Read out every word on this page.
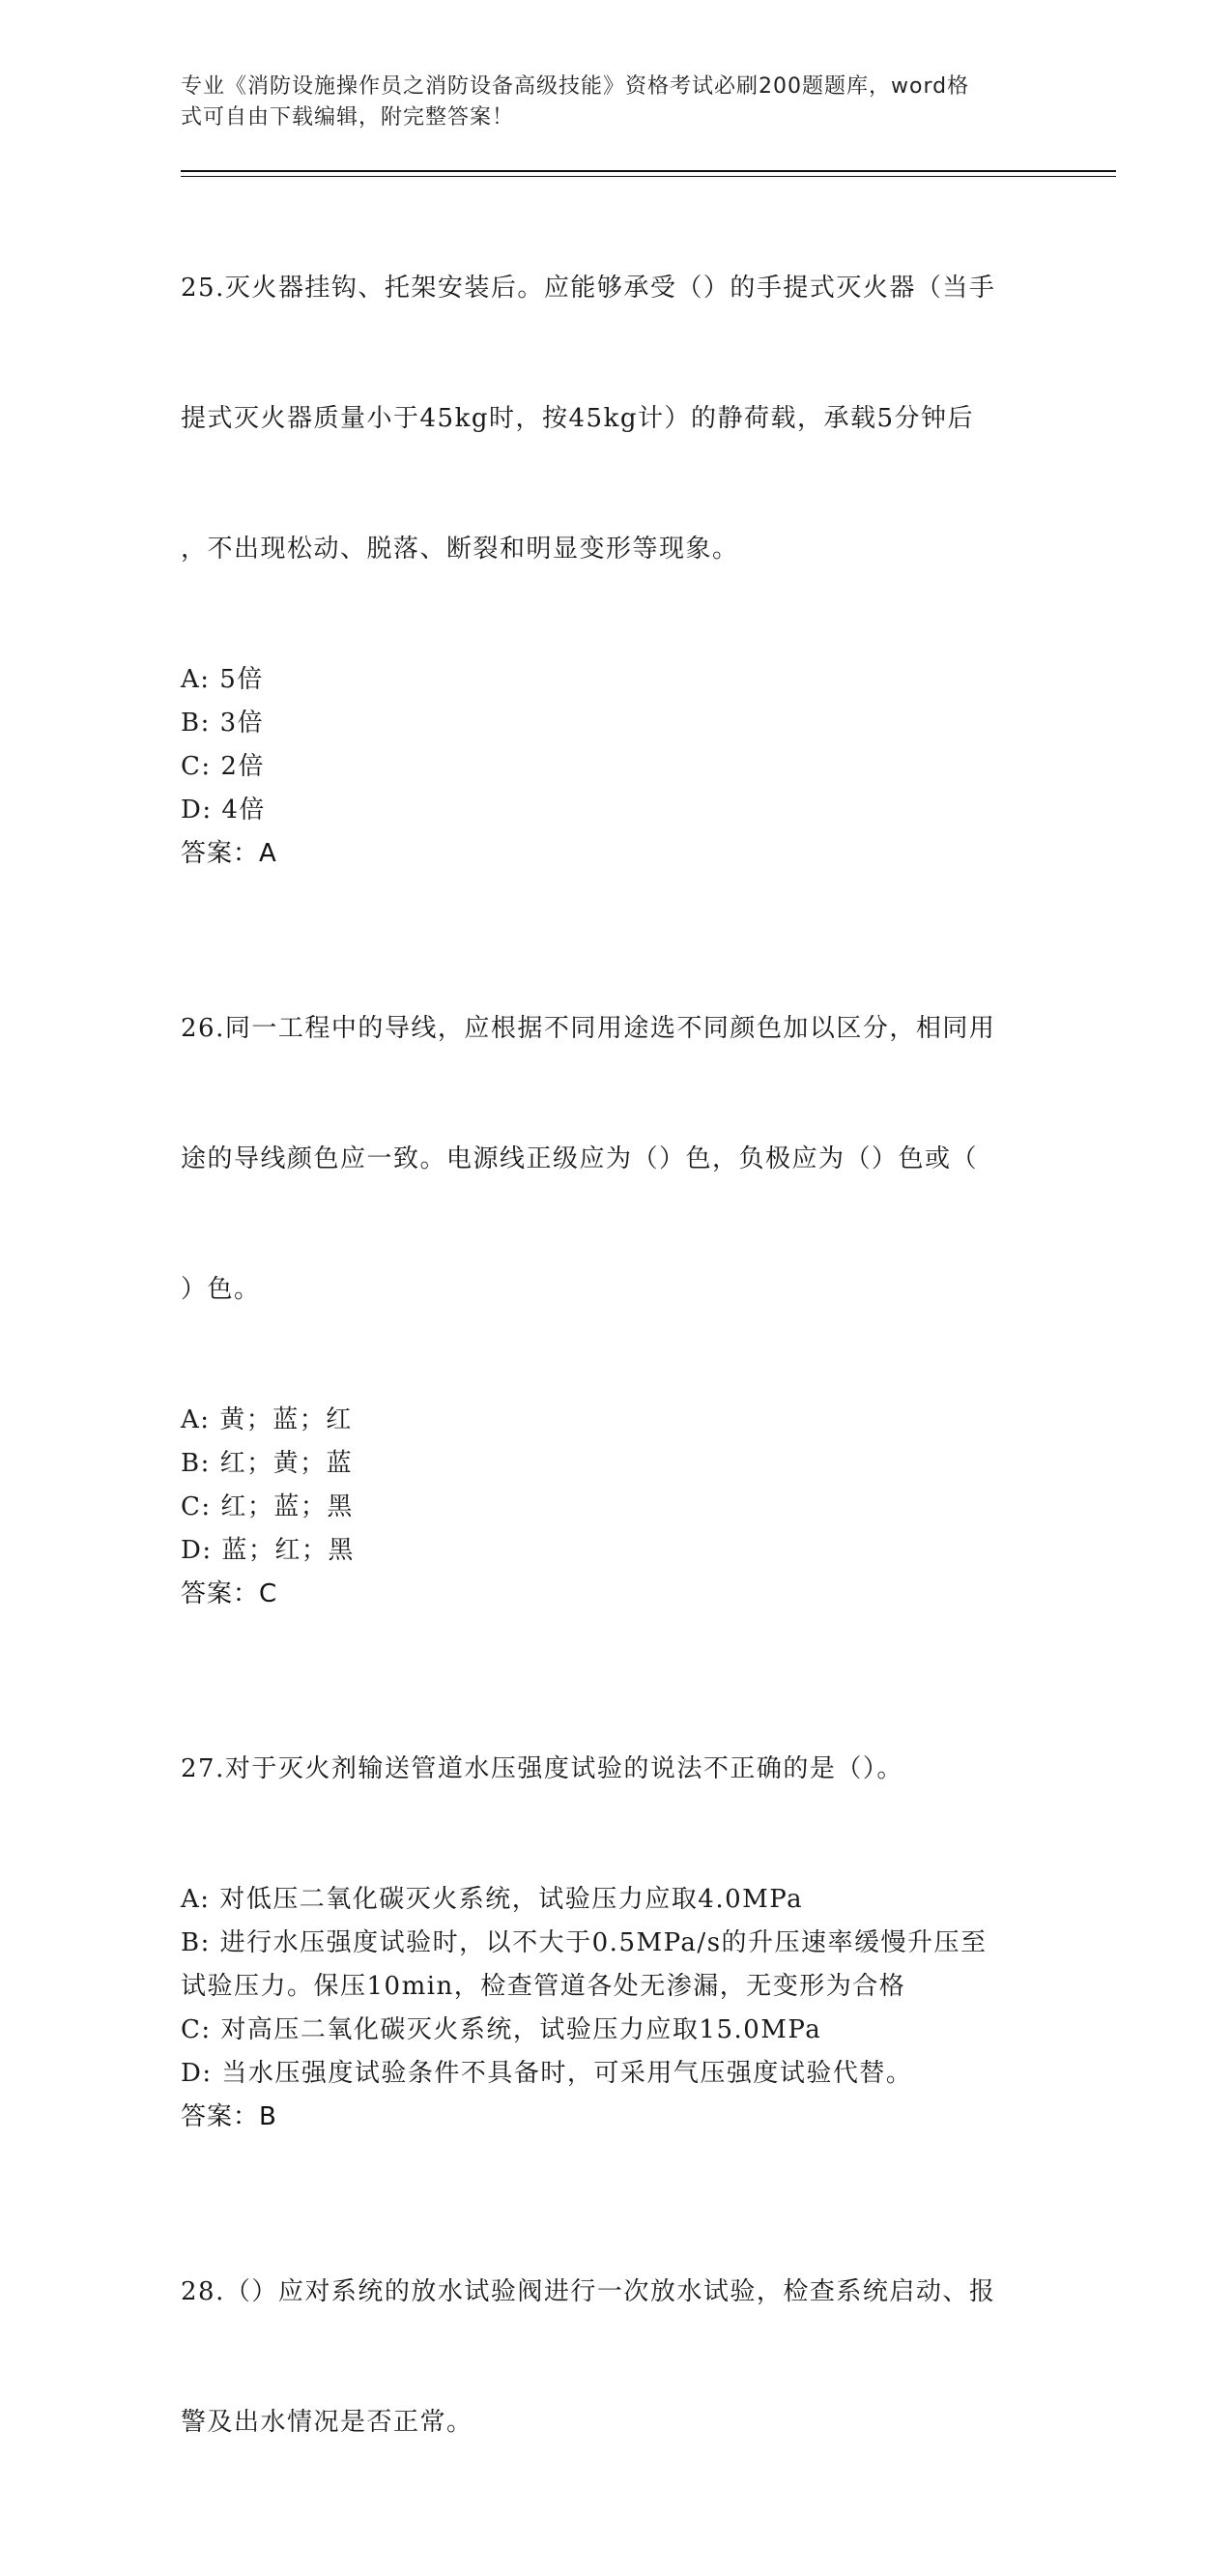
专业《消防设施操作员之消防设备高级技能》资格考试必刷200题题库，word格
式可自由下载编辑，附完整答案！

25.灭火器挂钩、托架安装后。应能够承受（）的手提式灭火器（当手

提式灭火器质量小于45kg时，按45kg计）的静荷载，承载5分钟后

，不出现松动、脱落、断裂和明显变形等现象。

A: 5倍
B: 3倍
C: 2倍
D: 4倍
答案：A

26.同一工程中的导线，应根据不同用途选不同颜色加以区分，相同用

途的导线颜色应一致。电源线正级应为（）色，负极应为（）色或（

）色。

A: 黄；蓝；红
B: 红；黄；蓝
C: 红；蓝；黑
D: 蓝；红；黑
答案：C

27.对于灭火剂输送管道水压强度试验的说法不正确的是（）。

A: 对低压二氧化碳灭火系统，试验压力应取4.0MPa
B: 进行水压强度试验时，以不大于0.5MPa/s的升压速率缓慢升压至
试验压力。保压10min，检查管道各处无渗漏，无变形为合格
C: 对高压二氧化碳灭火系统，试验压力应取15.0MPa
D: 当水压强度试验条件不具备时，可采用气压强度试验代替。
答案：B

28.（）应对系统的放水试验阀进行一次放水试验，检查系统启动、报

警及出水情况是否正常。
